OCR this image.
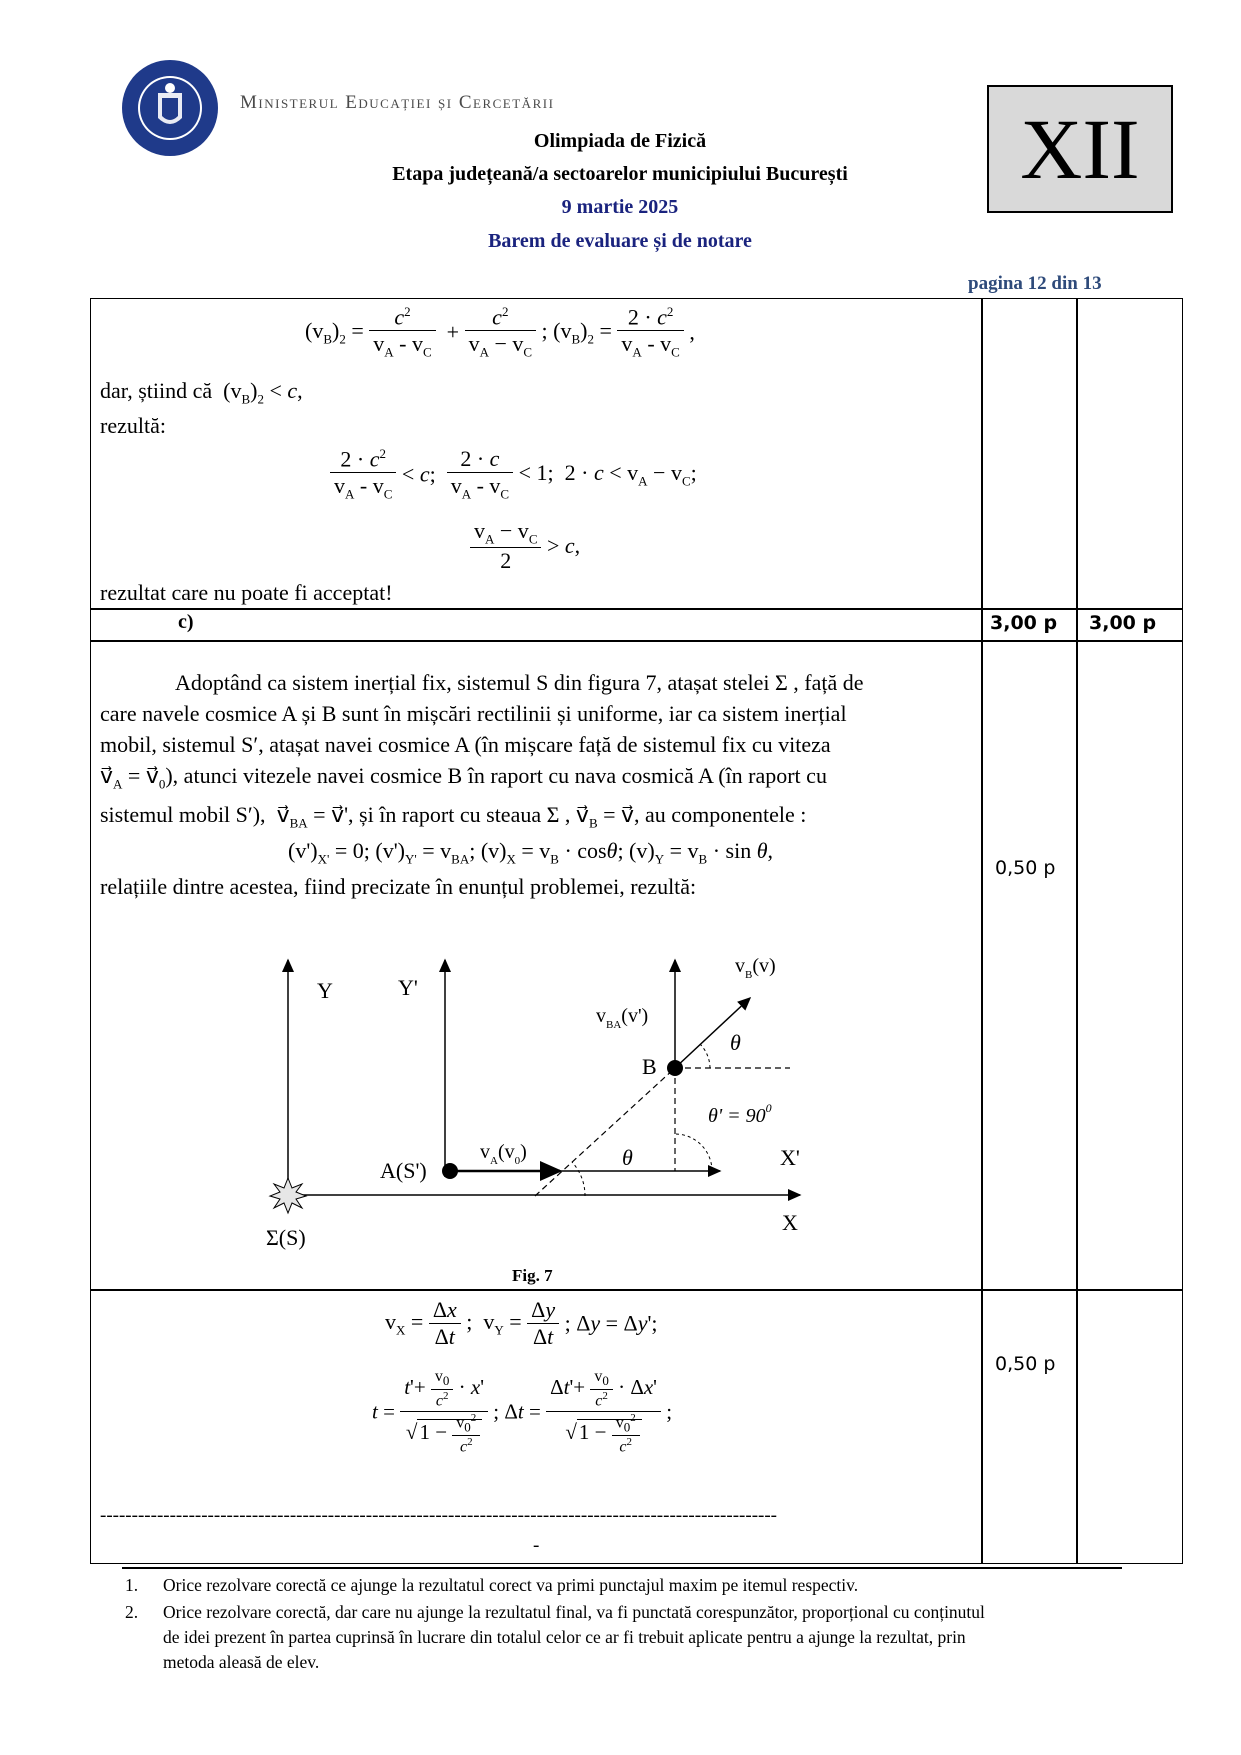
Ministerul Educației și Cercetării
Olimpiada de Fizică
Etapa județeană/a sectoarelor municipiului București
9 martie 2025
Barem de evaluare și de notare
XII
pagina 12 din 13
$(v_B)_2 = \frac{c^2}{v_A - v_C} + \frac{c^2}{v_A - v_C}$ ; $(v_B)_2 = \frac{2 \cdot c^2}{v_A - v_C}$ ,
dar, știind că  $(v_B)_2 < c$,
rezultă:
$\frac{2 \cdot c^2}{v_A - v_C} < c$; $\frac{2 \cdot c}{v_A - v_C} < 1$;  $2 \cdot c < v_A - v_C$;
$\frac{v_A - v_C}{2} > c$,
rezultat care nu poate fi acceptat!
c)	3,00 p 3,00 p
Adoptând ca sistem inerțial fix, sistemul S din figura 7, atașat stelei Σ , față de
care navele cosmice A și B sunt în mișcări rectilinii și uniforme, iar ca sistem inerțial
mobil, sistemul S′, atașat navei cosmice A (în mișcare față de sistemul fix cu viteza
$v⃗_A$ = $v⃗_0$), atunci vitezele navei cosmice B în raport cu nava cosmică A (în raport cu
sistemul mobil S′),  $v⃗_{BA}$ = v⃗', și în raport cu steaua Σ , $v⃗_B$ = v⃗, au componentele :
$(v')_{X'} = 0$; $(v')_{Y'} = v_{BA}$; $(v)_X = v_B \cdot \cos\theta$; $(v)_Y = v_B \cdot \sin \theta$,
relațiile dintre acestea, fiind precizate în enunțul problemei, rezultă:
0,50 p
Y	Y'
X
X'
A(S')
B
Σ(S)
θ
θ
$\theta' = 90^0$
$v_B(v)$
$v_{BA}(v')$
$v_A(v_0)$
Fig. 7
$v_X = \frac{\Delta x}{\Delta t}$ ;  $v_Y = \frac{\Delta y}{\Delta t}$ ; Δy = Δy';
$t = \frac{t'+ \frac{v_0}{c^2} \cdot x'}{√1 - \frac{v_0^2}{c^2}}$ ; $\Delta t = \frac{\Delta t'+ \frac{v_0}{c^2} \cdot \Delta x'}{√1 - \frac{v_0^2}{c^2}}$ ;
0,50 p
-----------------------------------------------------------------------------------------------------------
-
1. Orice rezolvare corectă ce ajunge la rezultatul corect va primi punctajul maxim pe itemul respectiv.
2. Orice rezolvare corectă, dar care nu ajunge la rezultatul final, va fi punctată corespunzător, proporțional cu conținutul
de idei prezent în partea cuprinsă în lucrare din totalul celor ce ar fi trebuit aplicate pentru a ajunge la rezultat, prin
metoda aleasă de elev.
